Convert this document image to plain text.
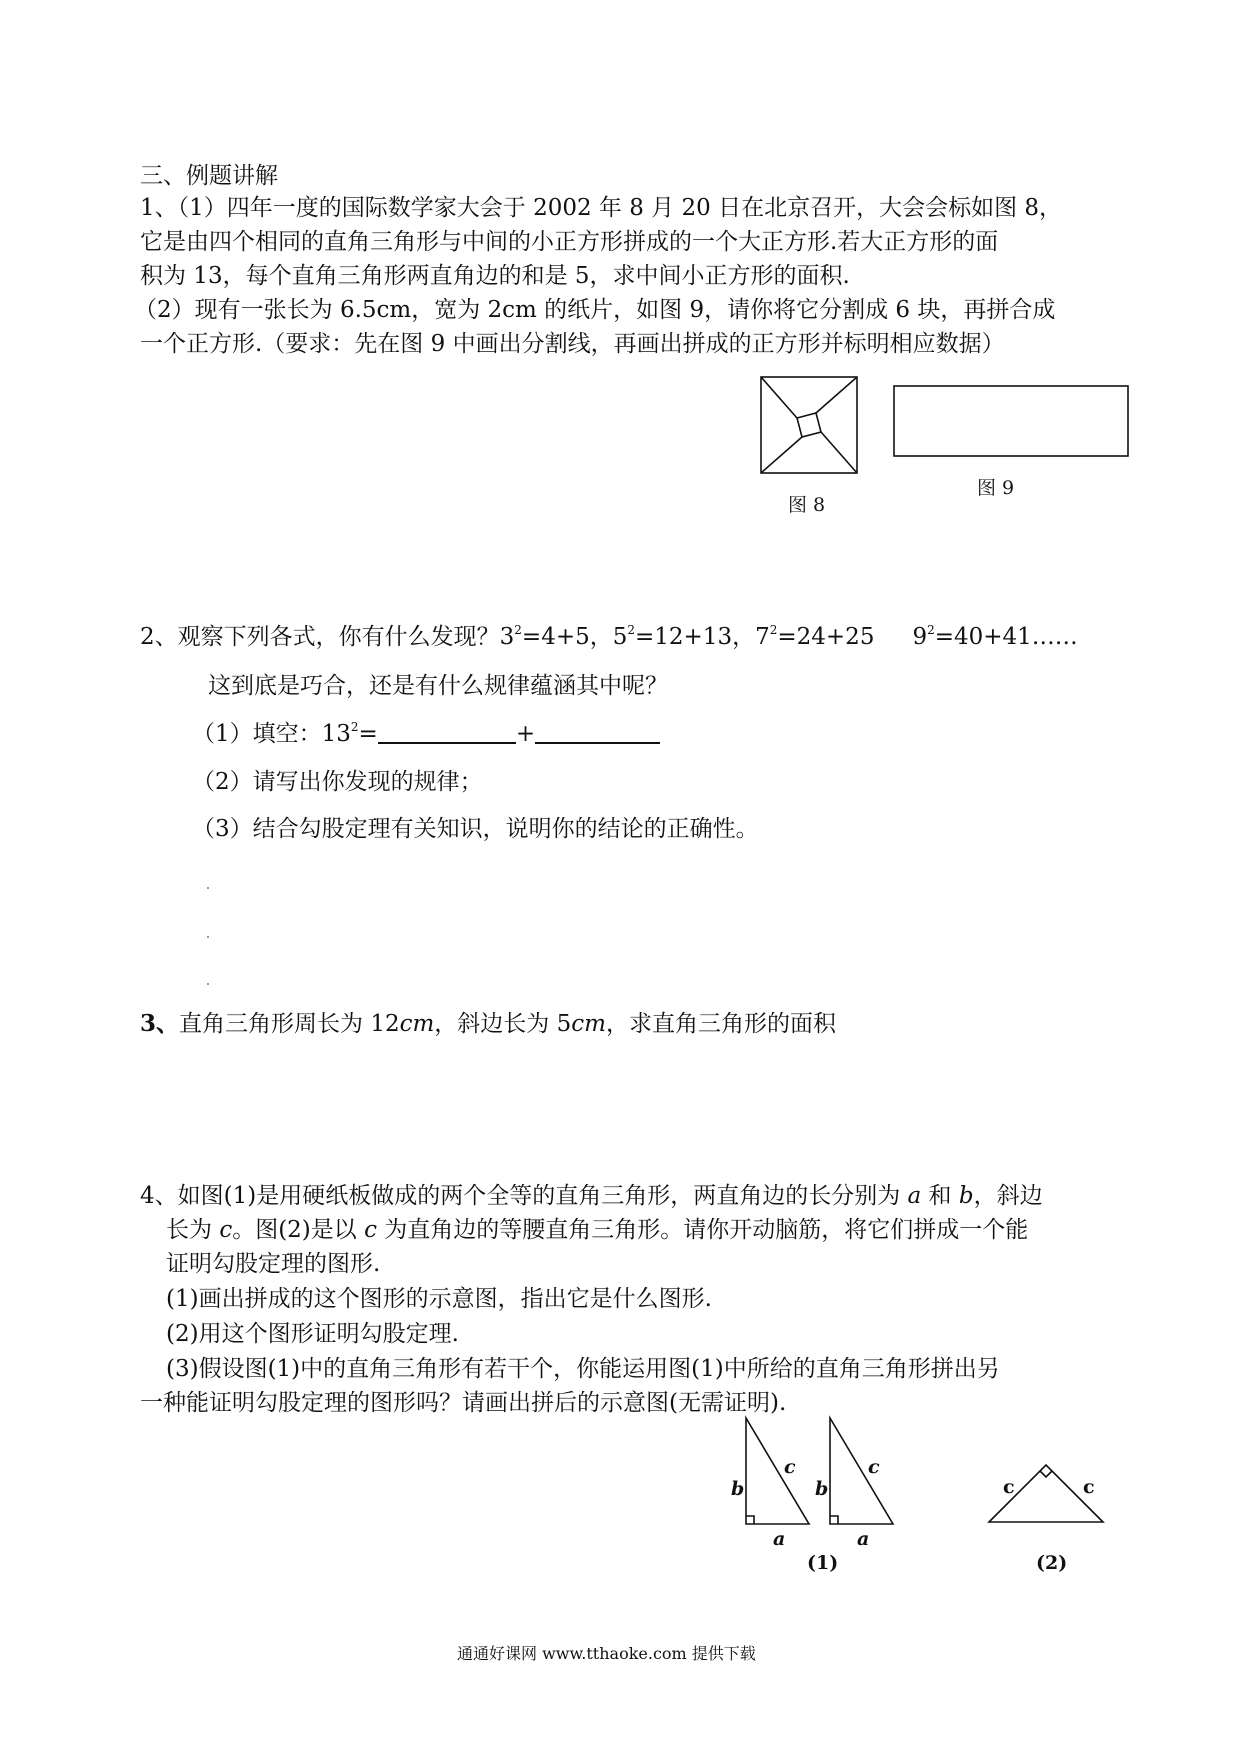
三、例题讲解
1、（1）四年一度的国际数学家大会于 2002 年 8 月 20 日在北京召开，大会会标如图 8，
它是由四个相同的直角三角形与中间的小正方形拼成的一个大正方形.若大正方形的面
积为 13，每个直角三角形两直角边的和是 5，求中间小正方形的面积.
（2）现有一张长为 6.5cm，宽为 2cm 的纸片，如图 9，请你将它分割成 6 块，再拼合成
一个正方形.（要求：先在图 9 中画出分割线，再画出拼成的正方形并标明相应数据）
图 8
图 9
2、观察下列各式，你有什么发现？$3^2=4+5$，$5^2=12+13$，$7^2=24+25$ $9^2=40+41\dots\dots$
这到底是巧合，还是有什么规律蕴涵其中呢？
（1）填空：$13^2=$	+
（2）请写出你发现的规律；
（3）结合勾股定理有关知识，说明你的结论的正确性。
3、直角三角形周长为 12cm，斜边长为 5cm，求直角三角形的面积
4、如图(1)是用硬纸板做成的两个全等的直角三角形，两直角边的长分别为 a 和 b，斜边
长为 c。图(2)是以 c 为直角边的等腰直角三角形。请你开动脑筋，将它们拼成一个能
证明勾股定理的图形.
(1)画出拼成的这个图形的示意图，指出它是什么图形.
(2)用这个图形证明勾股定理.
(3)假设图(1)中的直角三角形有若干个，你能运用图(1)中所给的直角三角形拼出另
一种能证明勾股定理的图形吗？请画出拼后的示意图(无需证明).
b
c
a
b
c
a
(1)
c	c
(2)
通通好课网 www.tthaoke.com 提供下载
